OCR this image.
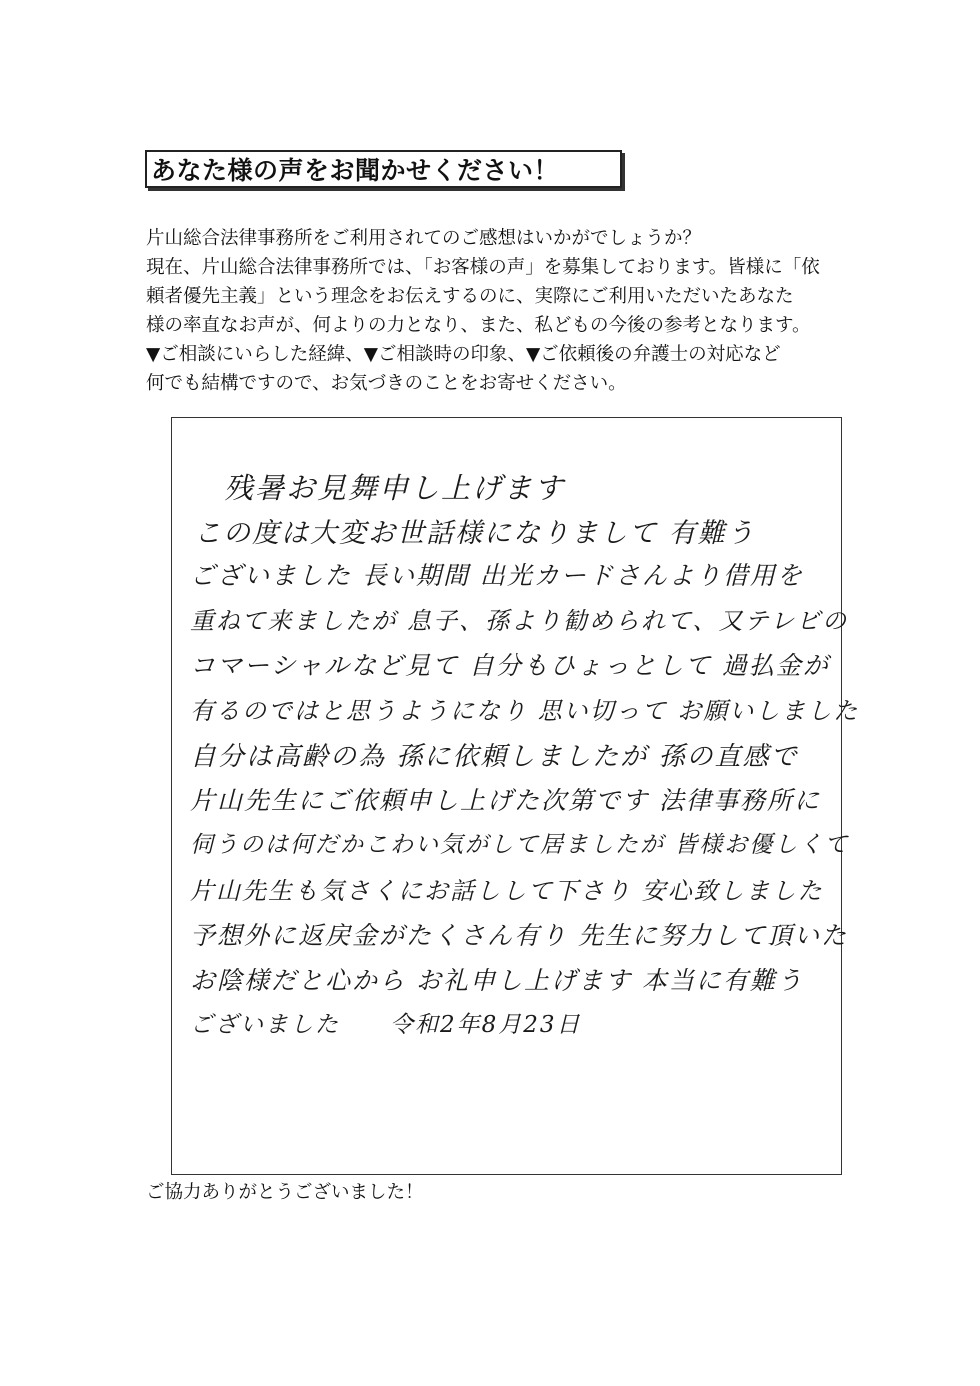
あなた様の声をお聞かせください！
片山総合法律事務所をご利用されてのご感想はいかがでしょうか？
現在、片山総合法律事務所では、「お客様の声」を募集しております。皆様に「依
頼者優先主義」という理念をお伝えするのに、実際にご利用いただいたあなた
様の率直なお声が、何よりの力となり、また、私どもの今後の参考となります。
▼ご相談にいらした経緯、▼ご相談時の印象、▼ご依頼後の弁護士の対応など
何でも結構ですので、お気づきのことをお寄せください。
残暑お見舞申し上げます
この度は大変お世話様になりまして 有難う
ございました 長い期間 出光カードさんより借用を
重ねて来ましたが 息子、孫より勧められて、又テレビの
コマーシャルなど見て 自分もひょっとして 過払金が
有るのではと思うようになり 思い切って お願いしました
自分は高齢の為 孫に依頼しましたが 孫の直感で
片山先生にご依頼申し上げた次第です 法律事務所に
伺うのは何だかこわい気がして居ましたが 皆様お優しくて
片山先生も気さくにお話しして下さり 安心致しました
予想外に返戻金がたくさん有り 先生に努力して頂いた
お陰様だと心から お礼申し上げます 本当に有難う
ございました　　令和2年8月23日
ご協力ありがとうございました！
